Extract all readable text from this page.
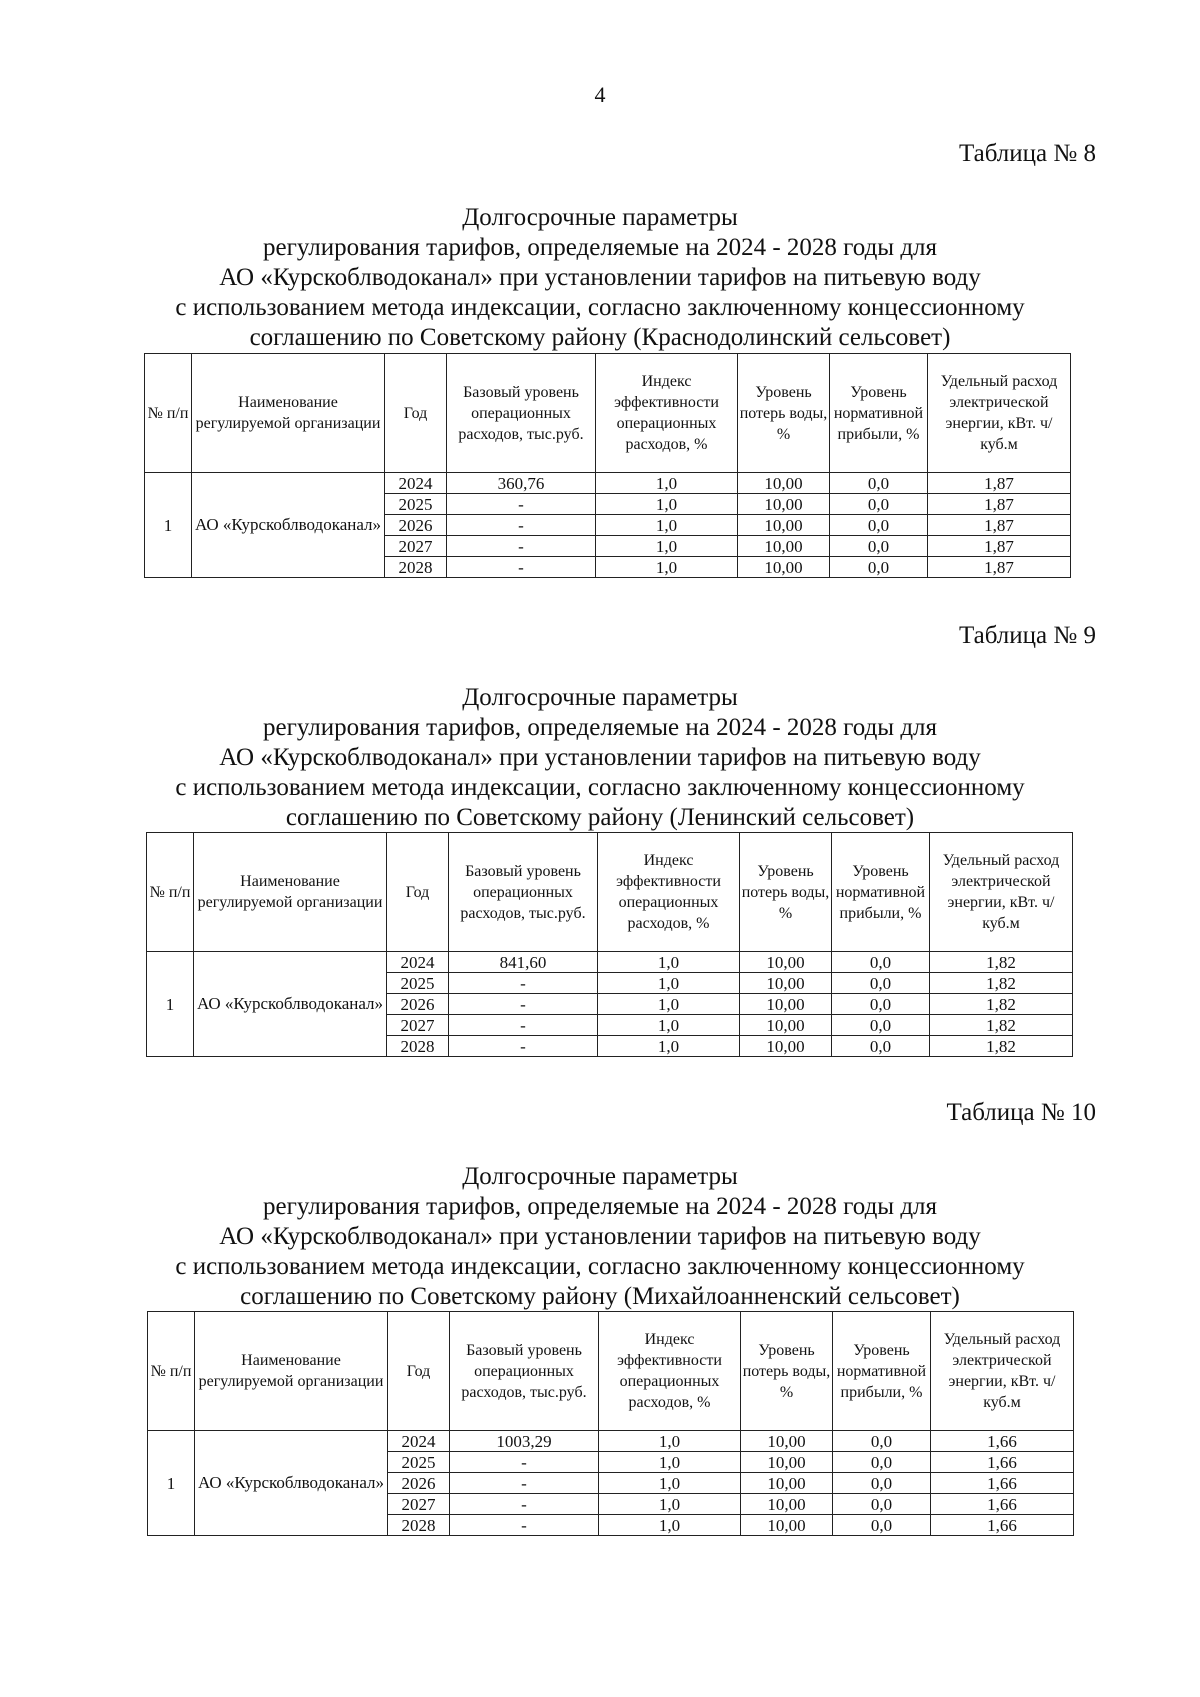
4
Таблица № 8
Долгосрочные параметры
регулирования тарифов, определяемые на 2024 - 2028 годы для
АО «Курскоблводоканал» при установлении тарифов на питьевую воду
с использованием метода индексации, согласно заключенному концессионному
соглашению по Советскому району (Краснодолинский сельсовет)
№ п/п	Наименование регулируемой организации	Год	Базовый уровень операционных расходов, тыс.руб.	Индекс эффективности операционных расходов, %	Уровень потерь воды, %	Уровень нормативной прибыли, %	Удельный расход электрической энергии, кВт. ч/куб.м
1	АО «Курскоблводоканал»	2024	360,76	1,0	10,00	0,0	1,87
		2025	-	1,0	10,00	0,0	1,87
		2026	-	1,0	10,00	0,0	1,87
		2027	-	1,0	10,00	0,0	1,87
		2028	-	1,0	10,00	0,0	1,87
Таблица № 9
Долгосрочные параметры
регулирования тарифов, определяемые на 2024 - 2028 годы для
АО «Курскоблводоканал» при установлении тарифов на питьевую воду
с использованием метода индексации, согласно заключенному концессионному
соглашению по Советскому району (Ленинский сельсовет)
№ п/п	Наименование регулируемой организации	Год	Базовый уровень операционных расходов, тыс.руб.	Индекс эффективности операционных расходов, %	Уровень потерь воды, %	Уровень нормативной прибыли, %	Удельный расход электрической энергии, кВт. ч/куб.м
1	АО «Курскоблводоканал»	2024	841,60	1,0	10,00	0,0	1,82
		2025	-	1,0	10,00	0,0	1,82
		2026	-	1,0	10,00	0,0	1,82
		2027	-	1,0	10,00	0,0	1,82
		2028	-	1,0	10,00	0,0	1,82
Таблица № 10
Долгосрочные параметры
регулирования тарифов, определяемые на 2024 - 2028 годы для
АО «Курскоблводоканал» при установлении тарифов на питьевую воду
с использованием метода индексации, согласно заключенному концессионному
соглашению по Советскому району (Михайлоанненский сельсовет)
№ п/п	Наименование регулируемой организации	Год	Базовый уровень операционных расходов, тыс.руб.	Индекс эффективности операционных расходов, %	Уровень потерь воды, %	Уровень нормативной прибыли, %	Удельный расход электрической энергии, кВт. ч/куб.м
1	АО «Курскоблводоканал»	2024	1003,29	1,0	10,00	0,0	1,66
		2025	-	1,0	10,00	0,0	1,66
		2026	-	1,0	10,00	0,0	1,66
		2027	-	1,0	10,00	0,0	1,66
		2028	-	1,0	10,00	0,0	1,66
